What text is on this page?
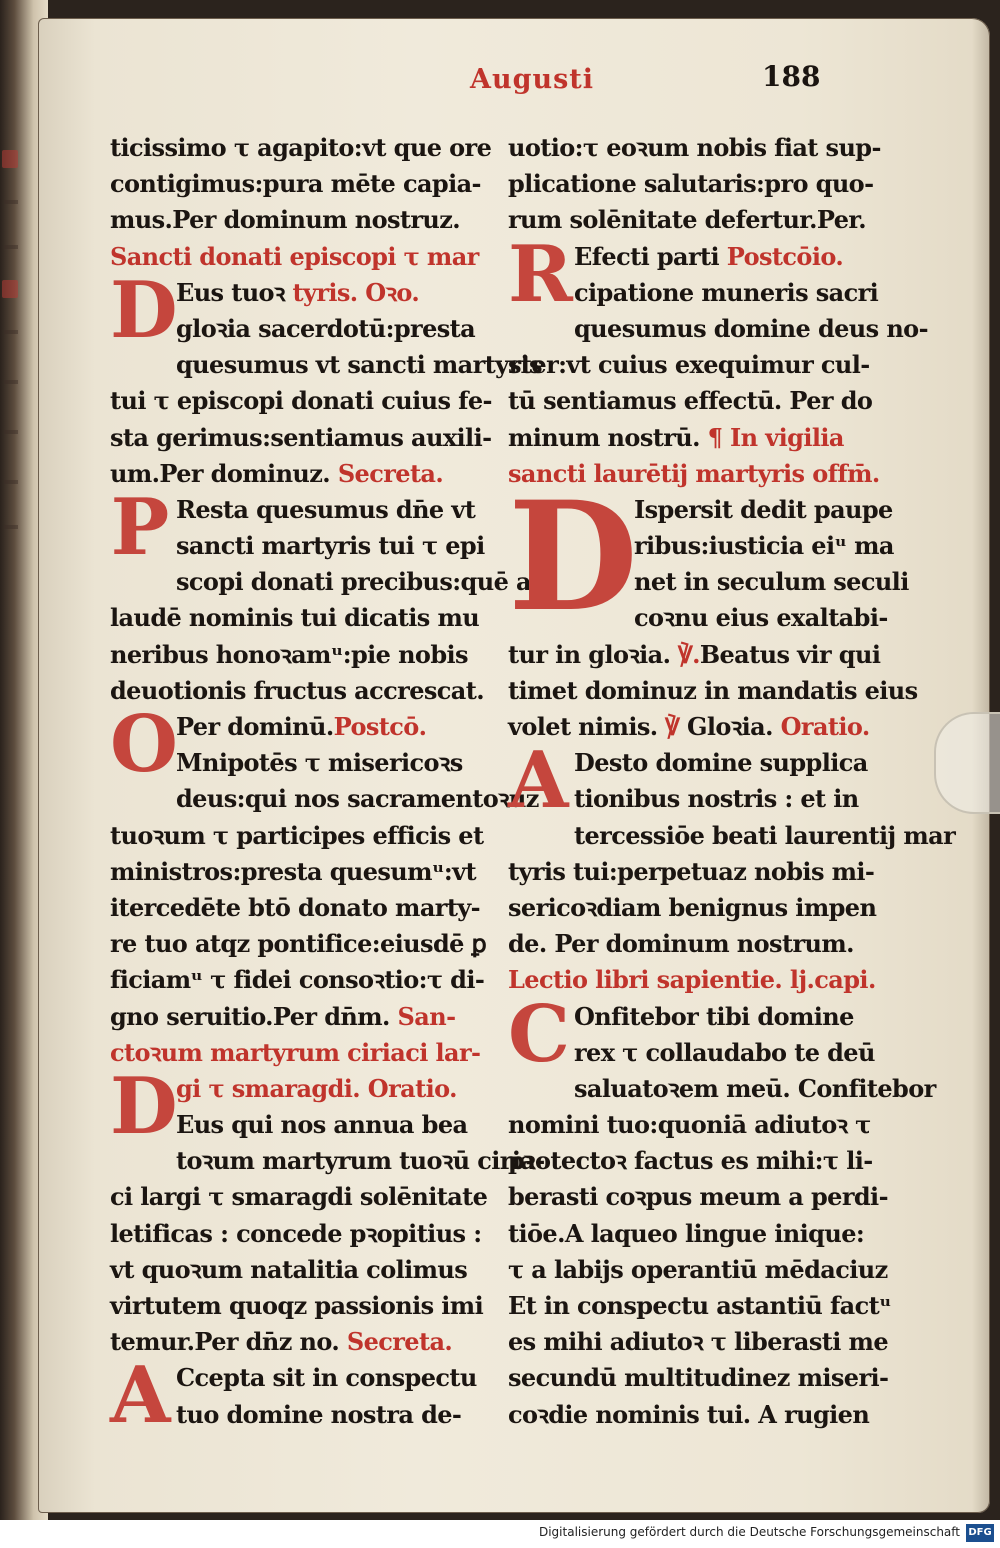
Augusti	188
ticissimo τ agapito:vt que ore
contigimus:pura mēte capia-
mus.Per dominum nostruz.
Sancti donati episcopi τ mar
D
Eus tuoꝛ tyris. Oꝛo.
gloꝛia sacerdotū:presta
quesumus vt sancti martyris
tui τ episcopi donati cuius fe-
sta gerimus:sentiamus auxili-
um.Per dominuz. Secreta.
P Resta quesumus dn̄e vt
sancti martyris tui τ epi
scopi donati precibus:quē ad
laudē nominis tui dicatis mu
neribus honoꝛamᵘ:pie nobis
deuotionis fructus accrescat.
O
Per dominū.Postcō.
Mnipotēs τ misericoꝛs
deus:qui nos sacramentoꝛuz
tuoꝛum τ participes efficis et
ministros:presta quesumᵘ:vt
itercedēte btō donato marty-
re tuo atqz pontifice:eiusdē ꝑ
ficiamᵘ τ fidei consoꝛtio:τ di-
gno seruitio.Per dn̄m. San-
ctoꝛum martyrum ciriaci lar-
D
gi τ smaragdi. Oratio.
Eus qui nos annua bea
toꝛum martyrum tuoꝛū ciria-
ci largi τ smaragdi solēnitate
letificas : concede pꝛopitius :
vt quoꝛum natalitia colimus
virtutem quoqz passionis imi
temur.Per dn̄z no. Secreta.
A Ccepta sit in conspectu
tuo domine nostra de-
uotio:τ eoꝛum nobis fiat sup-
plicatione salutaris:pro quo-
rum solēnitate defertur.Per.
R Efecti parti Postcōio.
cipatione muneris sacri
quesumus domine deus no-
ster:vt cuius exequimur cul-
tū sentiamus effectū. Per do
minum nostrū. ¶ In vigilia
sancti laurētij martyris offm̄.
D
Ispersit dedit paupe
ribus:iusticia eiᵘ ma
net in seculum seculi
coꝛnu eius exaltabi-
tur in gloꝛia. ℣.Beatus vir qui
timet dominuz in mandatis eius
volet nimis. ℣ Gloꝛia. Oratio.
A Desto domine supplica
tionibus nostris : et in
tercessiōe beati laurentij mar
tyris tui:perpetuaz nobis mi-
sericoꝛdiam benignus impen
de. Per dominum nostrum.
Lectio libri sapientie. lj.capi.
C Onfitebor tibi domine
rex τ collaudabo te deū
saluatoꝛem meū. Confitebor
nomini tuo:quoniā adiutoꝛ τ
pꝛotectoꝛ factus es mihi:τ li-
berasti coꝛpus meum a perdi-
tiōe.A laqueo lingue inique:
τ a labijs operantiū mēdaciuz
Et in conspectu astantiū factᵘ
es mihi adiutoꝛ τ liberasti me
secundū multitudinez miseri-
coꝛdie nominis tui. A rugien
Digitalisierung gefördert durch die Deutsche Forschungsgemeinschaft DFG
